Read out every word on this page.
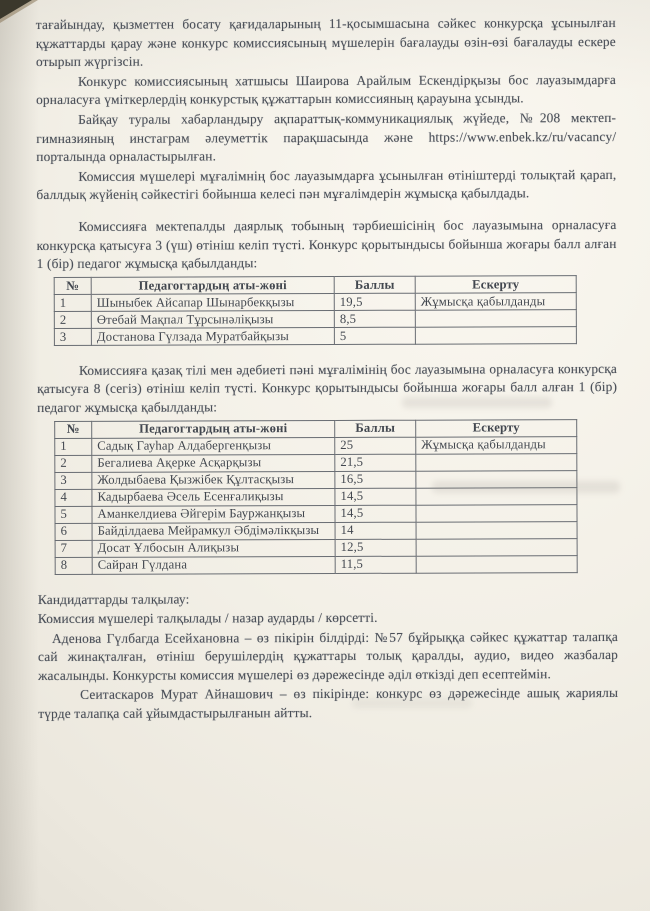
тағайындау, қызметтен босату қағидаларының 11-қосымшасына сәйкес конкурсқа ұсынылған құжаттарды қарау және конкурс комиссиясының мүшелерін бағалауды өзін-өзі бағалауды ескере отырып жүргізсін.

Конкурс комиссиясының хатшысы Шаирова Арайлым Ескендірқызы бос лауазымдарға орналасуға үміткерлердің конкурстық құжаттарын комиссияның қарауына ұсынды.

Байқау туралы хабарландыру ақпараттық-коммуникациялық жүйеде, №208 мектеп-гимназияның инстаграм әлеуметтік парақшасында және https://www.enbek.kz/ru/vacancy/ порталында орналастырылған.

Комиссия мүшелері мұғалімнің бос лауазымдарға ұсынылған өтініштерді толықтай қарап, баллдық жүйенің сәйкестігі бойынша келесі пән мұғалімдерін жұмысқа қабылдады.

Комиссияға мектепалды даярлық тобының тәрбиешісінің бос лауазымына орналасуға конкурсқа қатысуға 3 (үш) өтініш келіп түсті. Конкурс қорытындысы бойынша жоғары балл алған 1 (бір) педагог жұмысқа қабылданды:

№	Педагогтардың аты-жөні	Баллы	Ескерту
1	Шыныбек Айсапар Шынарбекқызы	19,5	Жұмысқа қабылданды
2	Өтебай Мақпал Тұрсынәліқызы	8,5	
3	Достанова Гүлзада Муратбайқызы	5	

Комиссияға қазақ тілі мен әдебиеті пәні мұғалімінің бос лауазымына орналасуға конкурсқа қатысуға 8 (сегіз) өтініш келіп түсті. Конкурс қорытындысы бойынша жоғары балл алған 1 (бір) педагог жұмысқа қабылданды:

№	Педагогтардың аты-жөні	Баллы	Ескерту
1	Садық Гауһар Алдабергенқызы	25	Жұмысқа қабылданды
2	Бегалиева Ақерке Асқарқызы	21,5	
3	Жолдыбаева Қызжібек Құлтасқызы	16,5	
4	Кадырбаева Әсель Есенғалиқызы	14,5	
5	Аманкелдиева Әйгерім Бауржанқызы	14,5	
6	Байділдаева Мейрамкул Әбдімәлікқызы	14	
7	Досат Ұлбосын Алиқызы	12,5	
8	Сайран Гүлдана	11,5	

Кандидаттарды талқылау:

Комиссия мүшелері талқылады / назар аударды / көрсетті.

Аденова Гүлбагда Есейхановна – өз пікірін білдірді: №57 бұйрыққа сәйкес құжаттар талапқа сай жинақталған, өтініш берушілердің құжаттары толық қаралды, аудио, видео жазбалар жасалынды. Конкурсты комиссия мүшелері өз дәрежесінде әділ өткізді деп есептеймін.

Сеитаскаров Мурат Айнашович – өз пікірінде: конкурс өз дәрежесінде ашық жариялы түрде талапқа сай ұйымдастырылғанын айтты.
